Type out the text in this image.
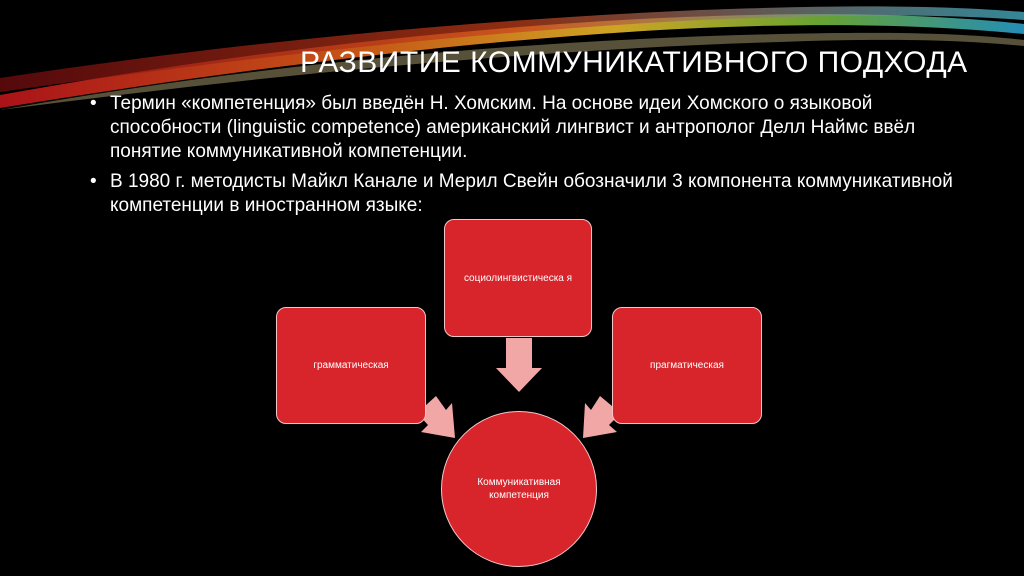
РАЗВИТИЕ КОММУНИКАТИВНОГО ПОДХОДА
• Термин «компетенция» был введён Н. Хомским. На основе идеи Хомского о языковой способности (linguistic competence) американский лингвист и антрополог Делл Наймс ввёл понятие коммуникативной компетенции.
• В 1980 г. методисты Майкл Канале и Мерил Свейн обозначили 3 компонента коммуникативной компетенции в иностранном языке:
социолингвистическа я
грамматическая	прагматическая
Коммуникативная компетенция
